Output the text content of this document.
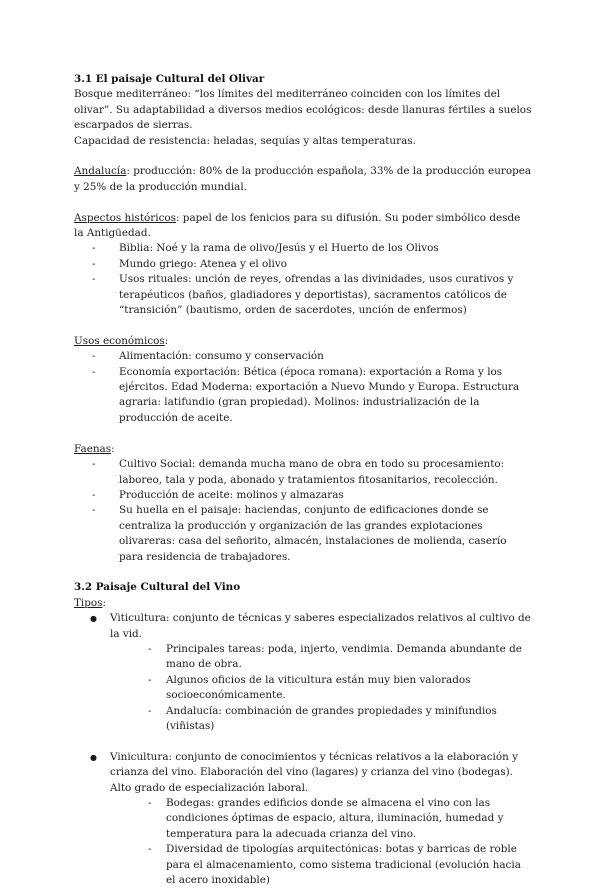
3.1 El paisaje Cultural del Olivar

Bosque mediterráneo: “los límites del mediterráneo coinciden con los límites del olivar”. Su adaptabilidad a diversos medios ecológicos: desde llanuras fértiles a suelos escarpados de sierras.

Capacidad de resistencia: heladas, sequías y altas temperaturas.

Andalucía: producción: 80% de la producción española, 33% de la producción europea y 25% de la producción mundial.

Aspectos históricos: papel de los fenicios para su difusión. Su poder simbólico desde la Antigüedad.

- Biblia: Noé y la rama de olivo/Jesús y el Huerto de los Olivos
- Mundo griego: Atenea y el olivo
- Usos rituales: unción de reyes, ofrendas a las divinidades, usos curativos y terapéuticos (baños, gladiadores y deportistas), sacramentos católicos de “transición” (bautismo, orden de sacerdotes, unción de enfermos)

Usos económicos:

- Alimentación: consumo y conservación
- Economía exportación: Bética (época romana): exportación a Roma y los ejércitos. Edad Moderna: exportación a Nuevo Mundo y Europa. Estructura agraria: latifundio (gran propiedad). Molinos: industrialización de la producción de aceite.

Faenas:

- Cultivo Social: demanda mucha mano de obra en todo su procesamiento: laboreo, tala y poda, abonado y tratamientos fitosanitarios, recolección.
- Producción de aceite: molinos y almazaras
- Su huella en el paisaje: haciendas, conjunto de edificaciones donde se centraliza la producción y organización de las grandes explotaciones olivareras: casa del señorito, almacén, instalaciones de molienda, caserío para residencia de trabajadores.
3.2 Paisaje Cultural del Vino

Tipos:

● Viticultura: conjunto de técnicas y saberes especializados relativos al cultivo de la vid.
- Principales tareas: poda, injerto, vendimia. Demanda abundante de mano de obra.
- Algunos oficios de la viticultura están muy bien valorados socioeconómicamente.
- Andalucía: combinación de grandes propiedades y minifundios (viñistas)
● Vinicultura: conjunto de conocimientos y técnicas relativos a la elaboración y crianza del vino. Elaboración del vino (lagares) y crianza del vino (bodegas). Alto grado de especialización laboral.
- Bodegas: grandes edificios donde se almacena el vino con las condiciones óptimas de espacio, altura, iluminación, humedad y temperatura para la adecuada crianza del vino.
- Diversidad de tipologías arquitectónicas: botas y barricas de roble para el almacenamiento, como sistema tradicional (evolución hacia el acero inoxidable)
